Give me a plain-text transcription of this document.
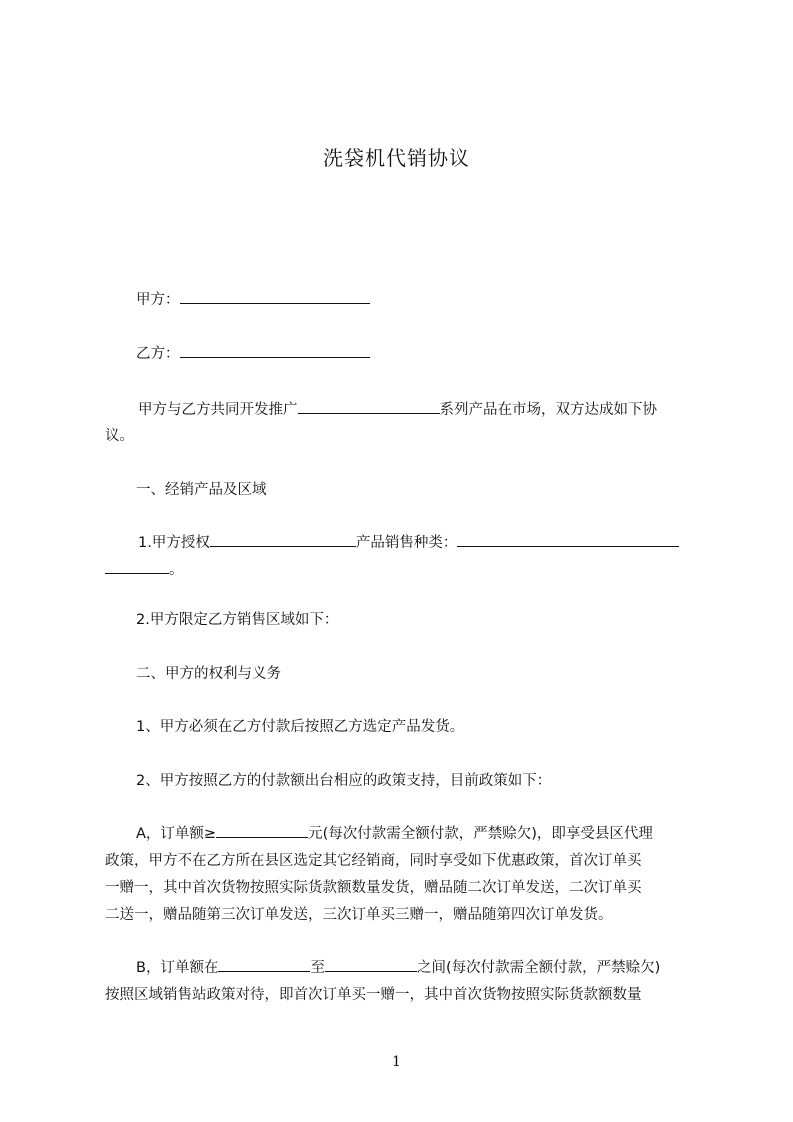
洗袋机代销协议
甲方：
乙方：
甲方与乙方共同开发推广	系列产品在市场，双方达成如下协
议。
一、经销产品及区域
1.甲方授权	产品销售种类：
。
2.甲方限定乙方销售区域如下：
二、甲方的权利与义务
1、甲方必须在乙方付款后按照乙方选定产品发货。
2、甲方按照乙方的付款额出台相应的政策支持，目前政策如下：
A，订单额≥	元(每次付款需全额付款，严禁赊欠)，即享受县区代理
政策，甲方不在乙方所在县区选定其它经销商，同时享受如下优惠政策，首次订单买
一赠一，其中首次货物按照实际货款额数量发货，赠品随二次订单发送，二次订单买
二送一，赠品随第三次订单发送，三次订单买三赠一，赠品随第四次订单发货。
B，订单额在	至	之间(每次付款需全额付款，严禁赊欠)
按照区域销售站政策对待，即首次订单买一赠一，其中首次货物按照实际货款额数量
1
